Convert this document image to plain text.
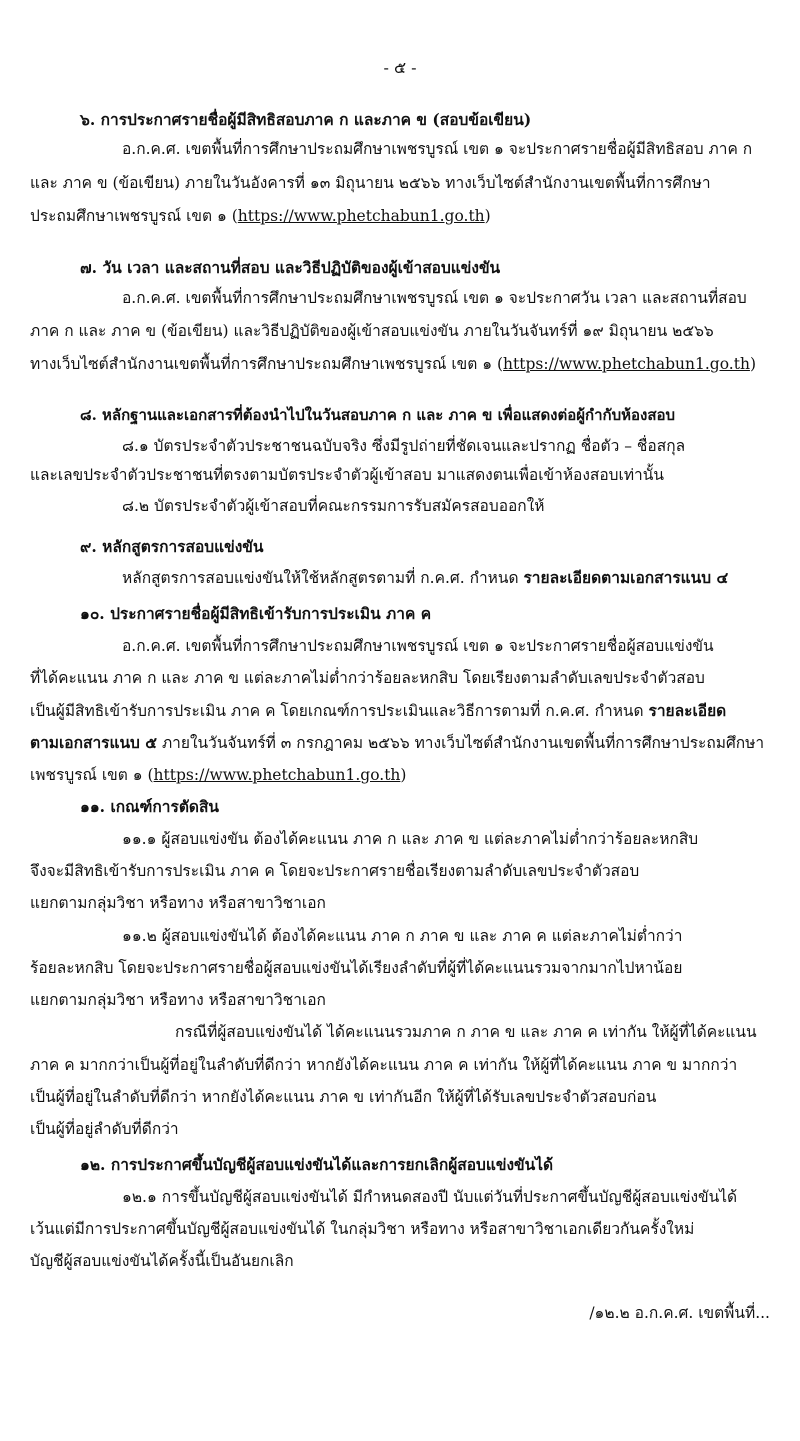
- ๕ -
๖. การประกาศรายชื่อผู้มีสิทธิสอบภาค ก และภาค ข (สอบข้อเขียน)
อ.ก.ค.ศ. เขตพื้นที่การศึกษาประถมศึกษาเพชรบูรณ์ เขต ๑ จะประกาศรายชื่อผู้มีสิทธิสอบ ภาค ก
และ ภาค ข (ข้อเขียน) ภายในวันอังคารที่ ๑๓ มิถุนายน ๒๕๖๖ ทางเว็บไซต์สำนักงานเขตพื้นที่การศึกษา
ประถมศึกษาเพชรบูรณ์ เขต ๑ (https://www.phetchabun1.go.th)
๗. วัน เวลา และสถานที่สอบ และวิธีปฏิบัติของผู้เข้าสอบแข่งขัน
อ.ก.ค.ศ. เขตพื้นที่การศึกษาประถมศึกษาเพชรบูรณ์ เขต ๑ จะประกาศวัน เวลา และสถานที่สอบ
ภาค ก และ ภาค ข (ข้อเขียน) และวิธีปฏิบัติของผู้เข้าสอบแข่งขัน ภายในวันจันทร์ที่ ๑๙ มิถุนายน ๒๕๖๖
ทางเว็บไซต์สำนักงานเขตพื้นที่การศึกษาประถมศึกษาเพชรบูรณ์ เขต ๑ (https://www.phetchabun1.go.th)
๘. หลักฐานและเอกสารที่ต้องนำไปในวันสอบภาค ก และ ภาค ข เพื่อแสดงต่อผู้กำกับห้องสอบ
๘.๑ บัตรประจำตัวประชาชนฉบับจริง ซึ่งมีรูปถ่ายที่ชัดเจนและปรากฏ ชื่อตัว – ชื่อสกุล
และเลขประจำตัวประชาชนที่ตรงตามบัตรประจำตัวผู้เข้าสอบ มาแสดงตนเพื่อเข้าห้องสอบเท่านั้น
๘.๒ บัตรประจำตัวผู้เข้าสอบที่คณะกรรมการรับสมัครสอบออกให้
๙. หลักสูตรการสอบแข่งขัน
หลักสูตรการสอบแข่งขันให้ใช้หลักสูตรตามที่ ก.ค.ศ. กำหนด รายละเอียดตามเอกสารแนบ ๔
๑๐. ประกาศรายชื่อผู้มีสิทธิเข้ารับการประเมิน ภาค ค
อ.ก.ค.ศ. เขตพื้นที่การศึกษาประถมศึกษาเพชรบูรณ์ เขต ๑ จะประกาศรายชื่อผู้สอบแข่งขัน
ที่ได้คะแนน ภาค ก และ ภาค ข แต่ละภาคไม่ต่ำกว่าร้อยละหกสิบ โดยเรียงตามลำดับเลขประจำตัวสอบ
เป็นผู้มีสิทธิเข้ารับการประเมิน ภาค ค โดยเกณฑ์การประเมินและวิธีการตามที่ ก.ค.ศ. กำหนด รายละเอียด
ตามเอกสารแนบ ๕ ภายในวันจันทร์ที่ ๓ กรกฎาคม ๒๕๖๖ ทางเว็บไซต์สำนักงานเขตพื้นที่การศึกษาประถมศึกษา
เพชรบูรณ์ เขต ๑ (https://www.phetchabun1.go.th)
๑๑. เกณฑ์การตัดสิน
๑๑.๑ ผู้สอบแข่งขัน ต้องได้คะแนน ภาค ก และ ภาค ข แต่ละภาคไม่ต่ำกว่าร้อยละหกสิบ
จึงจะมีสิทธิเข้ารับการประเมิน ภาค ค โดยจะประกาศรายชื่อเรียงตามลำดับเลขประจำตัวสอบ
แยกตามกลุ่มวิชา หรือทาง หรือสาขาวิชาเอก
๑๑.๒ ผู้สอบแข่งขันได้ ต้องได้คะแนน ภาค ก ภาค ข และ ภาค ค แต่ละภาคไม่ต่ำกว่า
ร้อยละหกสิบ โดยจะประกาศรายชื่อผู้สอบแข่งขันได้เรียงลำดับที่ผู้ที่ได้คะแนนรวมจากมากไปหาน้อย
แยกตามกลุ่มวิชา หรือทาง หรือสาขาวิชาเอก
กรณีที่ผู้สอบแข่งขันได้ ได้คะแนนรวมภาค ก ภาค ข และ ภาค ค เท่ากัน ให้ผู้ที่ได้คะแนน
ภาค ค มากกว่าเป็นผู้ที่อยู่ในลำดับที่ดีกว่า หากยังได้คะแนน ภาค ค เท่ากัน ให้ผู้ที่ได้คะแนน ภาค ข มากกว่า
เป็นผู้ที่อยู่ในลำดับที่ดีกว่า หากยังได้คะแนน ภาค ข เท่ากันอีก ให้ผู้ที่ได้รับเลขประจำตัวสอบก่อน
เป็นผู้ที่อยู่ลำดับที่ดีกว่า
๑๒. การประกาศขึ้นบัญชีผู้สอบแข่งขันได้และการยกเลิกผู้สอบแข่งขันได้
๑๒.๑ การขึ้นบัญชีผู้สอบแข่งขันได้ มีกำหนดสองปี นับแต่วันที่ประกาศขึ้นบัญชีผู้สอบแข่งขันได้
เว้นแต่มีการประกาศขึ้นบัญชีผู้สอบแข่งขันได้ ในกลุ่มวิชา หรือทาง หรือสาขาวิชาเอกเดียวกันครั้งใหม่
บัญชีผู้สอบแข่งขันได้ครั้งนี้เป็นอันยกเลิก
/๑๒.๒ อ.ก.ค.ศ. เขตพื้นที่...
